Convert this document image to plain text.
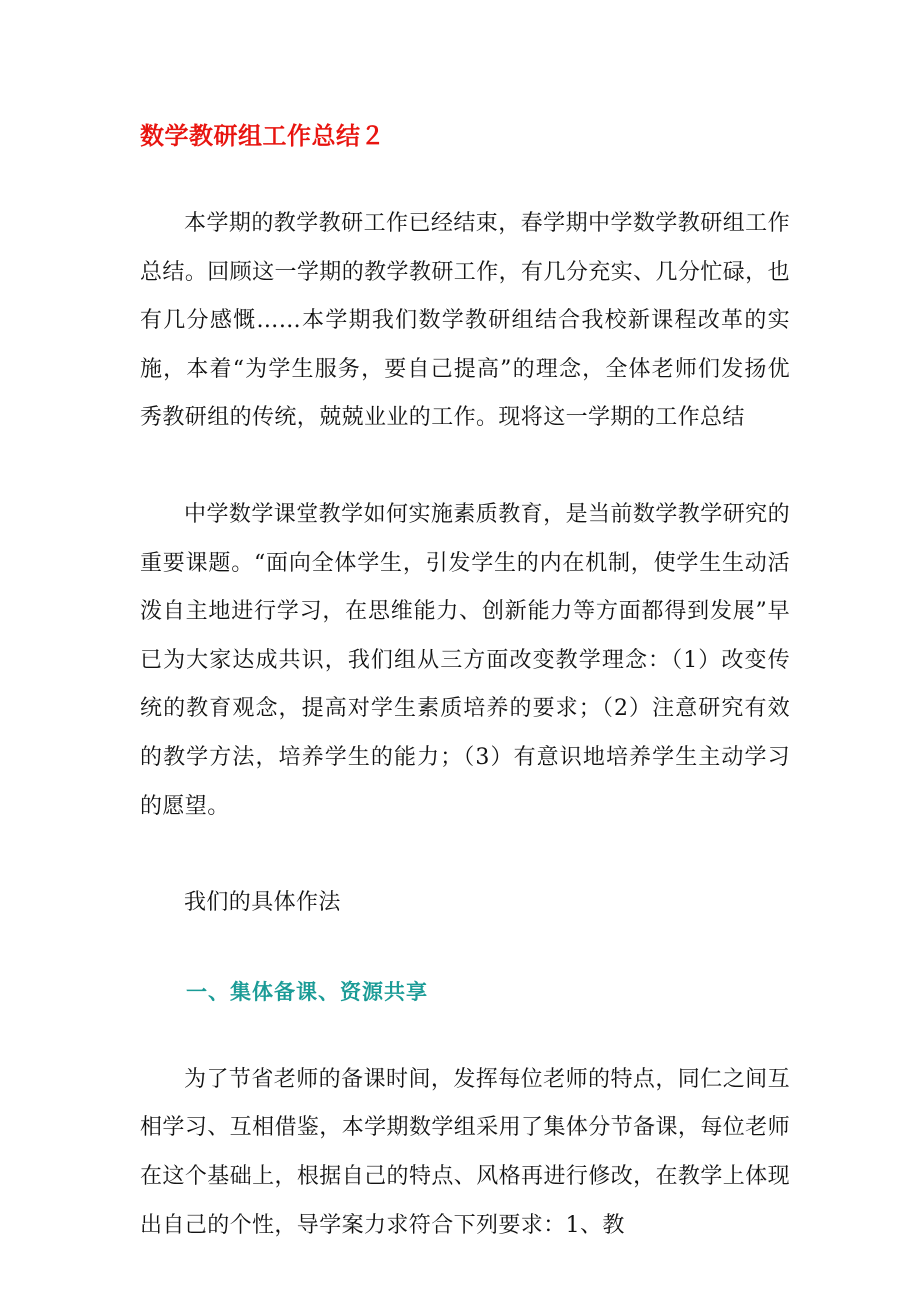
数学教研组工作总结２

本学期的教学教研工作已经结束，春学期中学数学教研组工作总结。回顾这一学期的教学教研工作，有几分充实、几分忙碌，也有几分感慨……本学期我们数学教研组结合我校新课程改革的实施，本着“为学生服务，要自己提高”的理念，全体老师们发扬优秀教研组的传统，兢兢业业的工作。现将这一学期的工作总结

中学数学课堂教学如何实施素质教育，是当前数学教学研究的重要课题。“面向全体学生，引发学生的内在机制，使学生生动活泼自主地进行学习，在思维能力、创新能力等方面都得到发展”早已为大家达成共识，我们组从三方面改变教学理念：（1）改变传统的教育观念，提高对学生素质培养的要求；（2）注意研究有效的教学方法，培养学生的能力；（3）有意识地培养学生主动学习的愿望。

我们的具体作法

一、集体备课、资源共享

为了节省老师的备课时间，发挥每位老师的特点，同仁之间互相学习、互相借鉴，本学期数学组采用了集体分节备课，每位老师在这个基础上，根据自己的特点、风格再进行修改，在教学上体现出自己的个性，导学案力求符合下列要求：1、教
